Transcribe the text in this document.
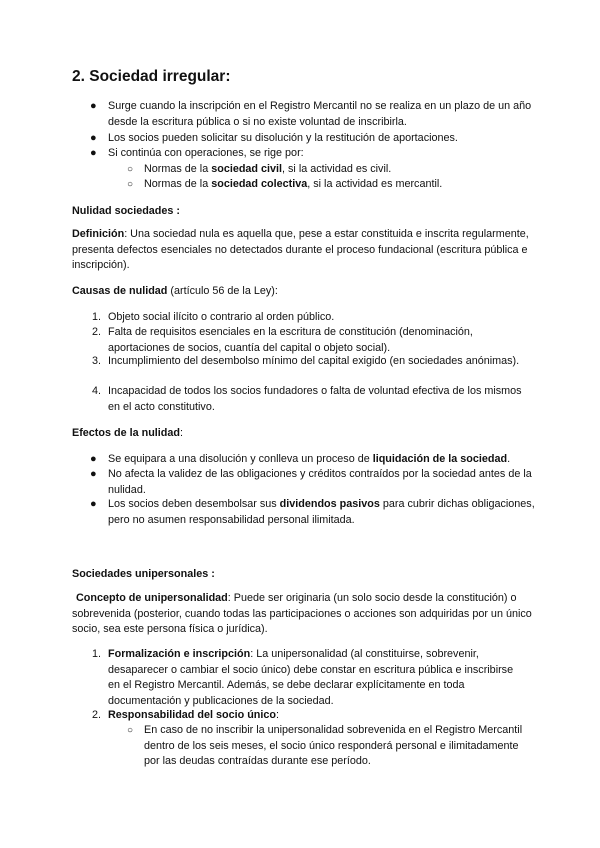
2. Sociedad irregular:
● Surge cuando la inscripción en el Registro Mercantil no se realiza en un plazo de un año desde la escritura pública o si no existe voluntad de inscribirla.
● Los socios pueden solicitar su disolución y la restitución de aportaciones.
● Si continúa con operaciones, se rige por:
○ Normas de la sociedad civil, si la actividad es civil.
○ Normas de la sociedad colectiva, si la actividad es mercantil.
Nulidad sociedades :
Definición: Una sociedad nula es aquella que, pese a estar constituida e inscrita regularmente, presenta defectos esenciales no detectados durante el proceso fundacional (escritura pública e inscripción).
Causas de nulidad (artículo 56 de la Ley):
1. Objeto social ilícito o contrario al orden público.
2. Falta de requisitos esenciales en la escritura de constitución (denominación, aportaciones de socios, cuantía del capital o objeto social).
3. Incumplimiento del desembolso mínimo del capital exigido (en sociedades anónimas).
4. Incapacidad de todos los socios fundadores o falta de voluntad efectiva de los mismos en el acto constitutivo.
Efectos de la nulidad:
● Se equipara a una disolución y conlleva un proceso de liquidación de la sociedad.
● No afecta la validez de las obligaciones y créditos contraídos por la sociedad antes de la nulidad.
● Los socios deben desembolsar sus dividendos pasivos para cubrir dichas obligaciones, pero no asumen responsabilidad personal ilimitada.
Sociedades unipersonales :
Concepto de unipersonalidad: Puede ser originaria (un solo socio desde la constitución) o sobrevenida (posterior, cuando todas las participaciones o acciones son adquiridas por un único socio, sea este persona física o jurídica).
1. Formalización e inscripción: La unipersonalidad (al constituirse, sobrevenir, desaparecer o cambiar el socio único) debe constar en escritura pública e inscribirse en el Registro Mercantil. Además, se debe declarar explícitamente en toda documentación y publicaciones de la sociedad.
2. Responsabilidad del socio único:
○ En caso de no inscribir la unipersonalidad sobrevenida en el Registro Mercantil dentro de los seis meses, el socio único responderá personal e ilimitadamente por las deudas contraídas durante ese período.
